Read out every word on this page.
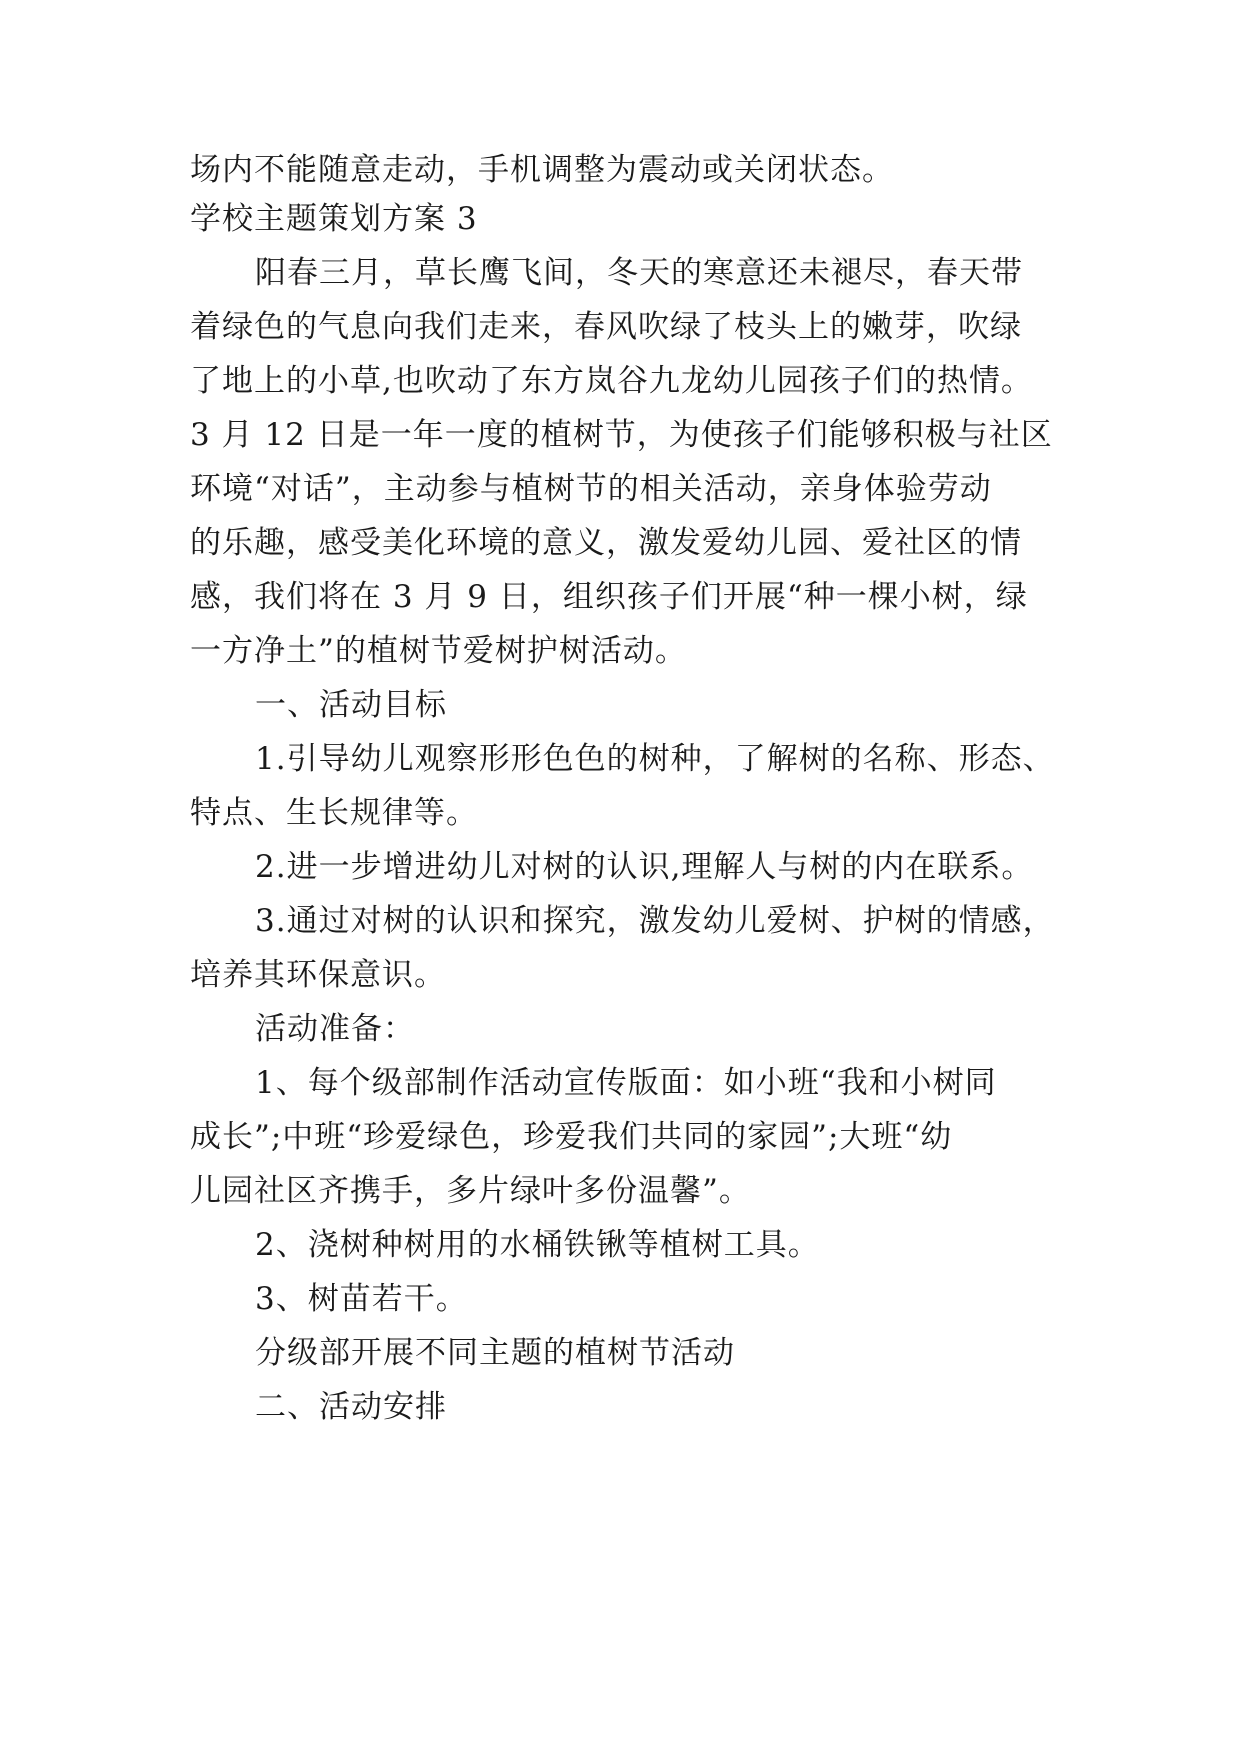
场内不能随意走动，手机调整为震动或关闭状态。
学校主题策划方案 3
阳春三月，草长鹰飞间，冬天的寒意还未褪尽，春天带
着绿色的气息向我们走来，春风吹绿了枝头上的嫩芽，吹绿
了地上的小草,也吹动了东方岚谷九龙幼儿园孩子们的热情。
3 月 12 日是一年一度的植树节，为使孩子们能够积极与社区
环境“对话”，主动参与植树节的相关活动，亲身体验劳动
的乐趣，感受美化环境的意义，激发爱幼儿园、爱社区的情
感，我们将在 3 月 9 日，组织孩子们开展“种一棵小树，绿
一方净土”的植树节爱树护树活动。
一、活动目标
1.引导幼儿观察形形色色的树种，了解树的名称、形态、
特点、生长规律等。
2.进一步增进幼儿对树的认识,理解人与树的内在联系。
3.通过对树的认识和探究，激发幼儿爱树、护树的情感，
培养其环保意识。
活动准备：
1、每个级部制作活动宣传版面：如小班“我和小树同
成长”;中班“珍爱绿色，珍爱我们共同的家园”;大班“幼
儿园社区齐携手，多片绿叶多份温馨”。
2、浇树种树用的水桶铁锹等植树工具。
3、树苗若干。
分级部开展不同主题的植树节活动
二、活动安排
